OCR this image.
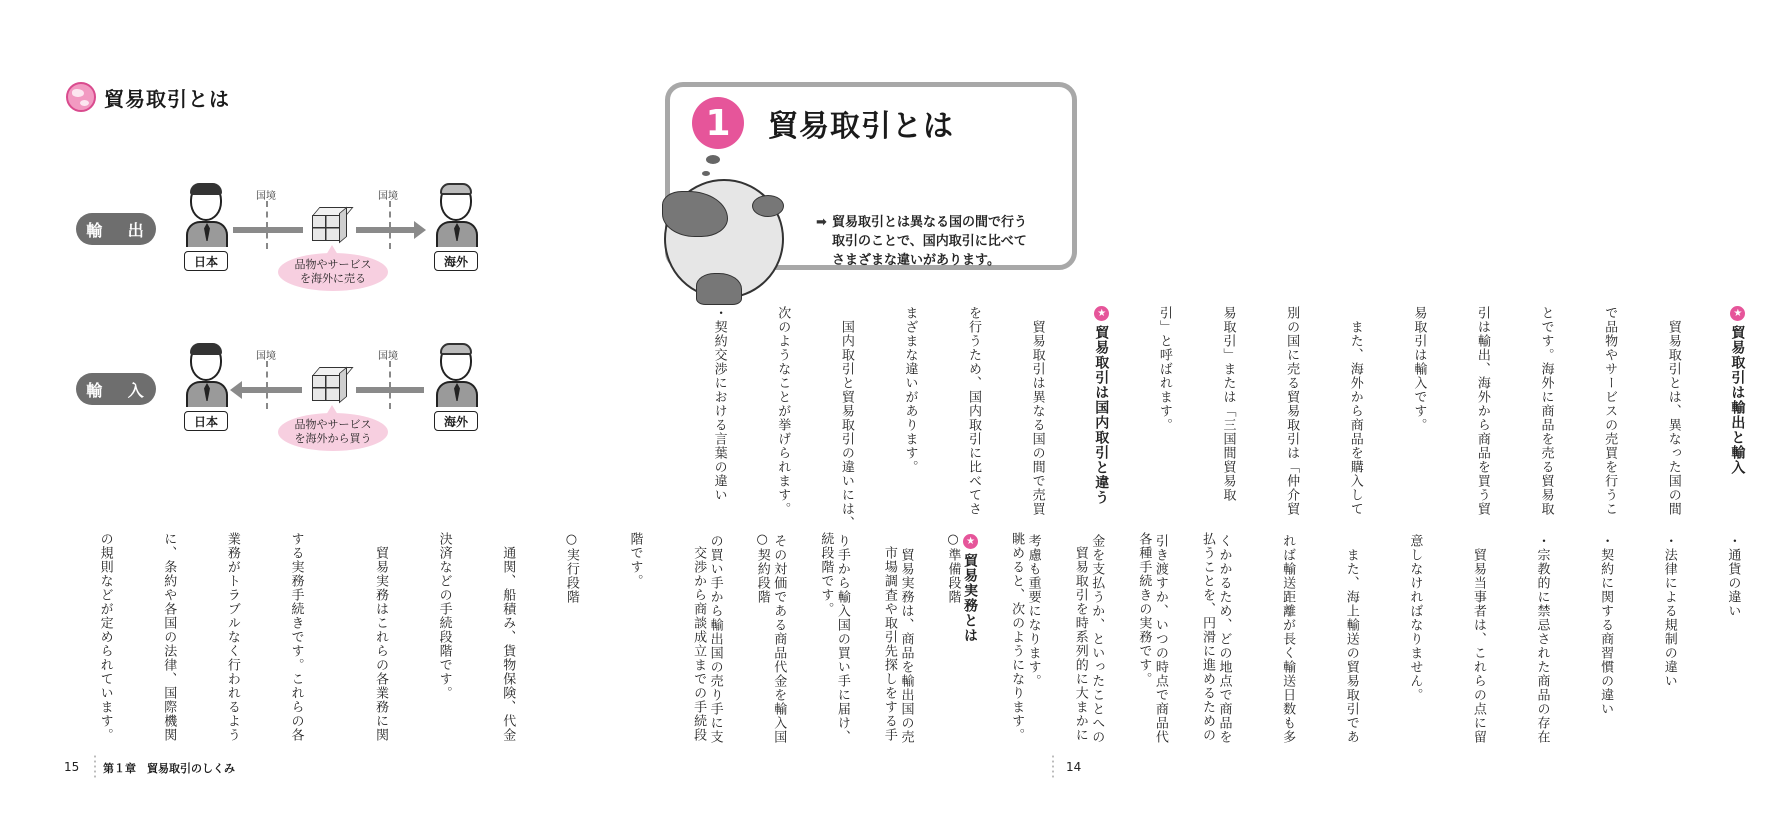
貿易取引とは
輸 出
日本
国境	国境
海外
品物やサービス
を海外に売る
輸 入
日本
国境	国境
海外
品物やサービス
を海外から買う

払うことを、円滑に進めるための

各種手続きの実務です。

　貿易取引を時系列的に大まかに

眺めると、次のようになります。

○準備段階

　市場調査や取引先探しをする手

続段階です。

○契約段階

　交渉から商談成立までの手続段

階です。

○実行段階

　通関、船積み、貨物保険、代金

決済などの手続段階です。

　貿易実務はこれらの各業務に関

する実務手続きです。これらの各

業務がトラブルなく行われるよう

に、条約や各国の法律、国際機関

の規則などが定められています。

15 第１章　貿易取引のしくみ
1	貿易取引とは
➡ 貿易取引とは異なる国の間で行う
取引のことで、国内取引に比べて
さまざまな違いがあります。

★貿易取引は輸出と輸入

　貿易取引とは、異なった国の間

で品物やサービスの売買を行うこ

とです。海外に商品を売る貿易取

引は輸出、海外から商品を買う貿

易取引は輸入です。

　また、海外から商品を購入して

別の国に売る貿易取引は「仲介貿

易取引」または「三国間貿易取

引」と呼ばれます。

★貿易取引は国内取引と違う

　貿易取引は異なる国の間で売買

を行うため、国内取引に比べてさ

まざまな違いがあります。

　国内取引と貿易取引の違いには、

次のようなことが挙げられます。

・契約交渉における言葉の違い

・通貨の違い

・法律による規制の違い

・契約に関する商習慣の違い

・宗教的に禁忌された商品の存在

　貿易当事者は、これらの点に留

意しなければなりません。

　また、海上輸送の貿易取引であ

れば輸送距離が長く輸送日数も多

くかかるため、どの地点で商品を

引き渡すか、いつの時点で商品代

金を支払うか、といったことへの

考慮も重要になります。

★貿易実務とは

　貿易実務は、商品を輸出国の売

り手から輸入国の買い手に届け、

その対価である商品代金を輸入国

の買い手から輸出国の売り手に支

14
